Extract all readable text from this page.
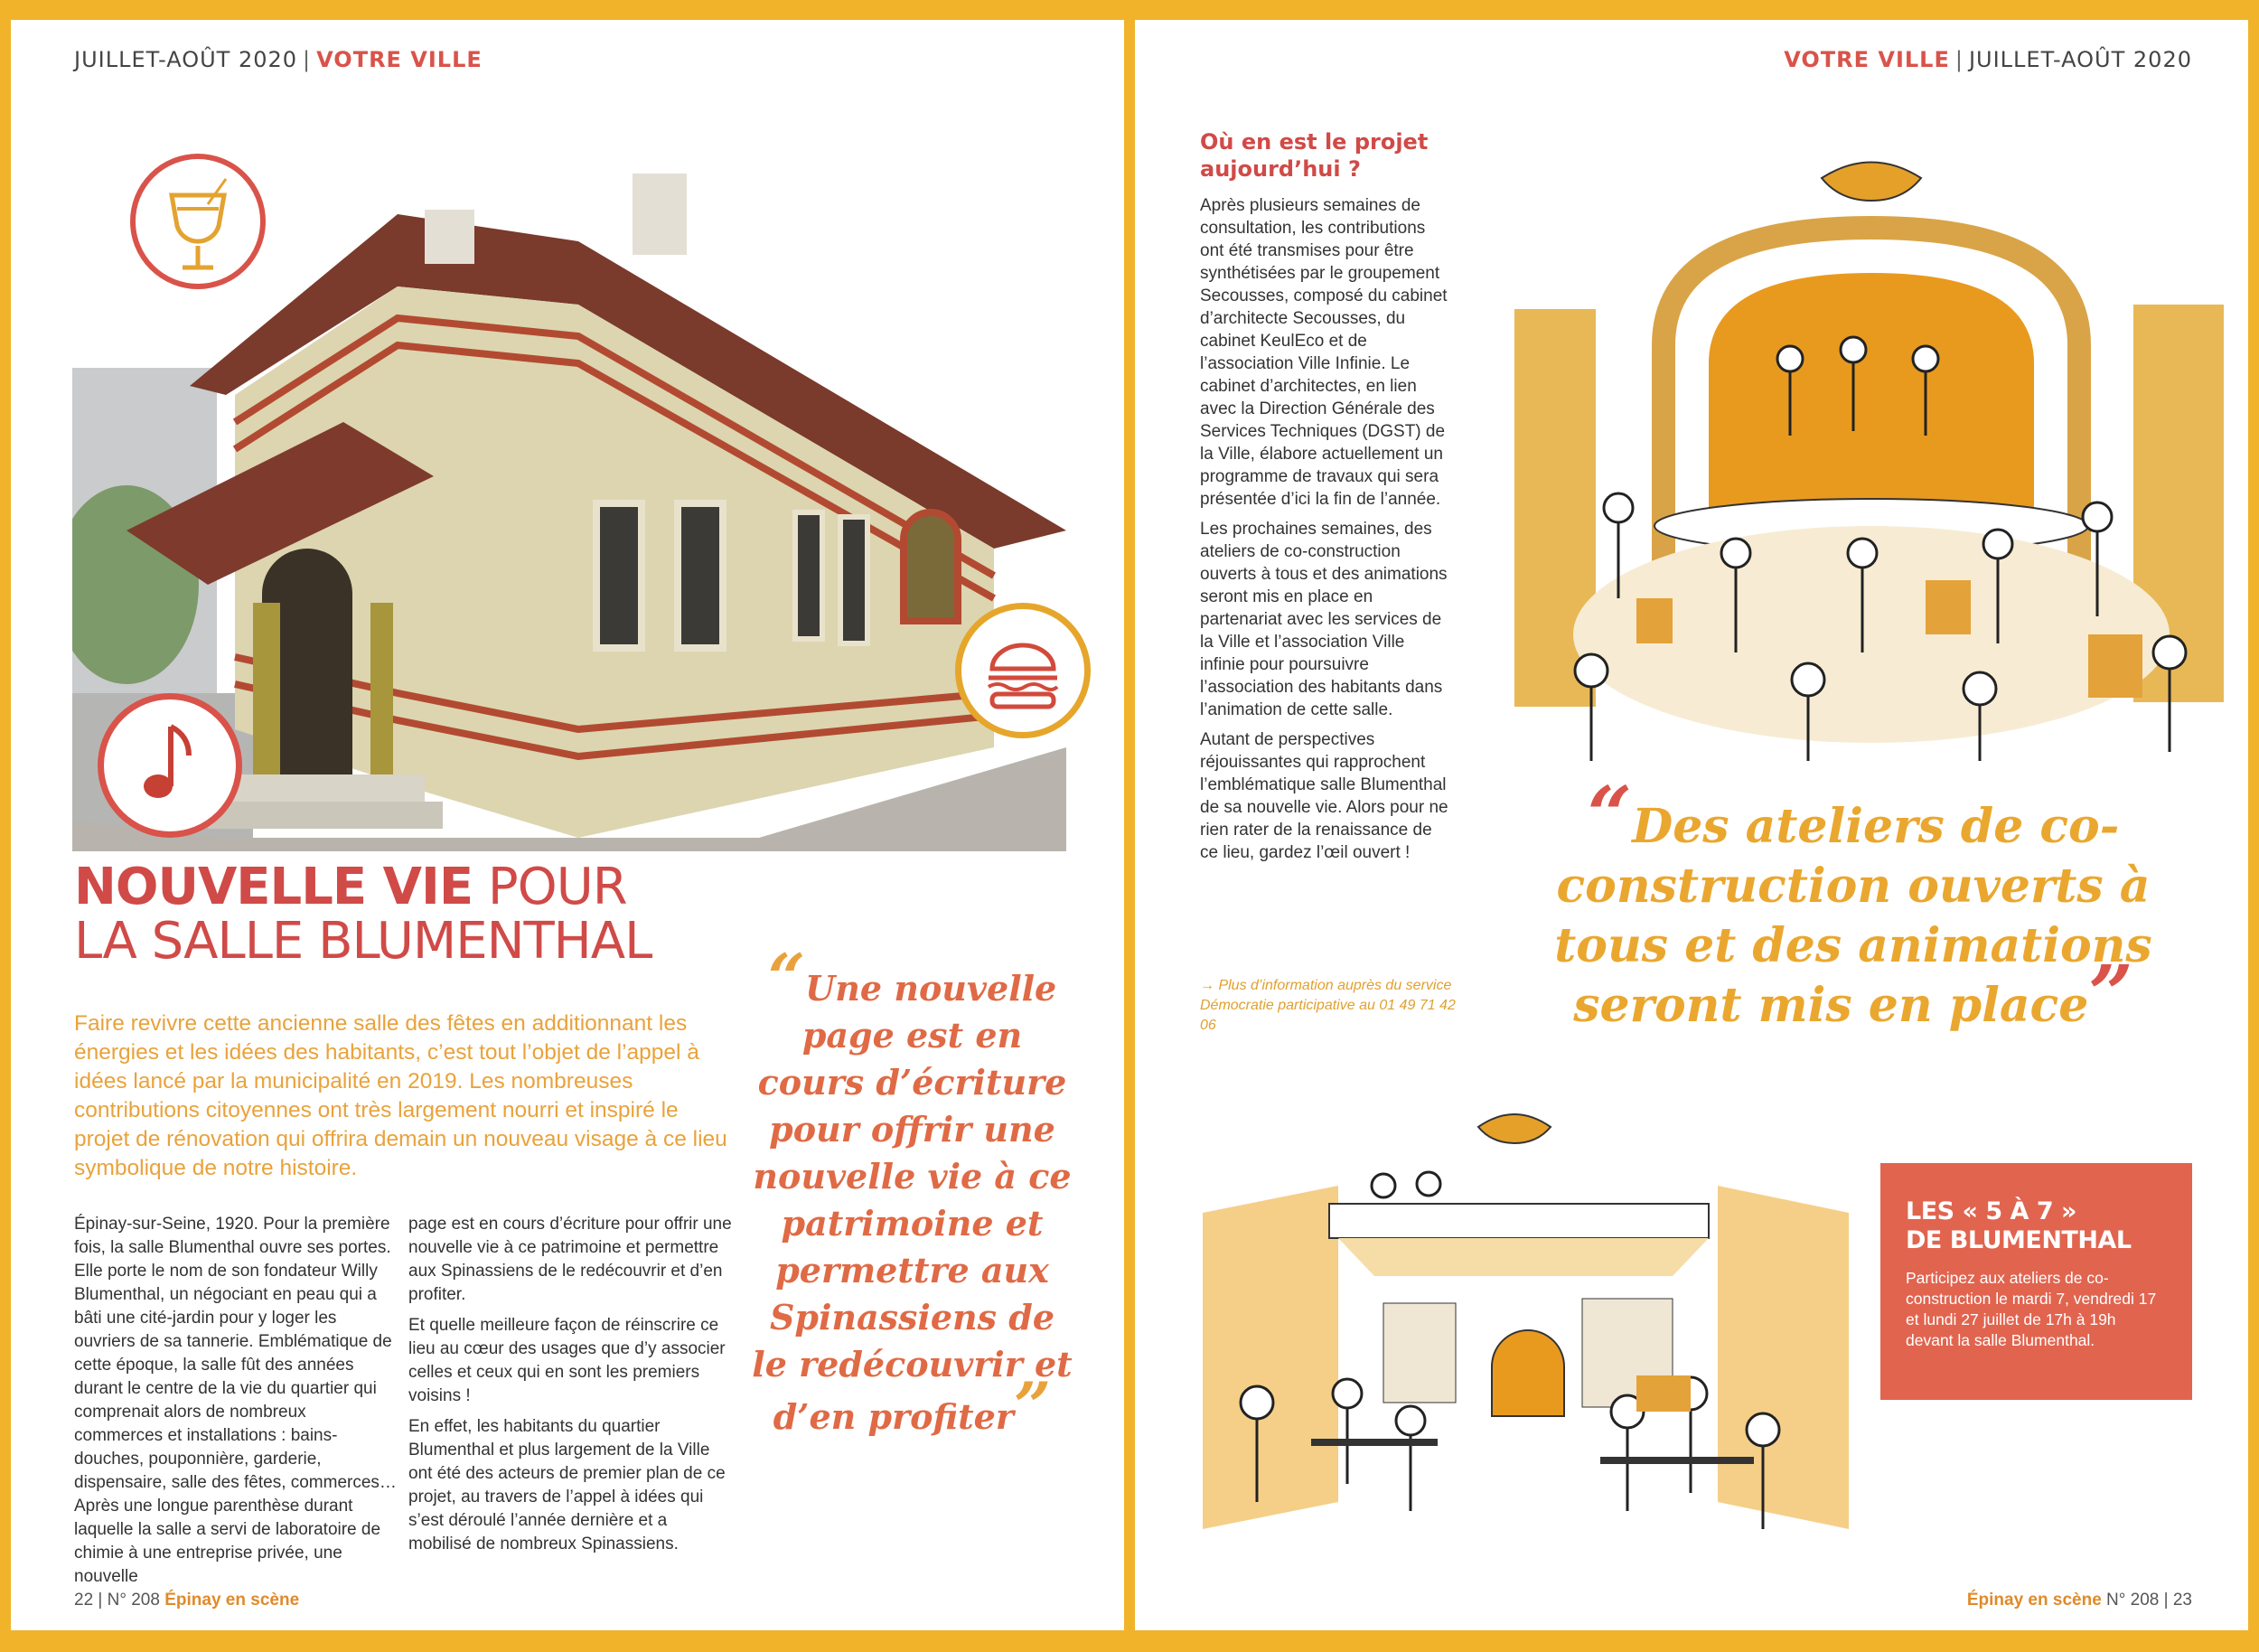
JUILLET-AOÛT 2020 | VOTRE VILLE
NOUVELLE VIE POUR
LA SALLE BLUMENTHAL
Faire revivre cette ancienne salle des fêtes en additionnant les énergies et les idées des habitants, c’est tout l’objet de l’appel à idées lancé par la municipalité en 2019. Les nombreuses contributions citoyennes ont très largement nourri et inspiré le projet de rénovation qui offrira demain un nouveau visage à ce lieu symbolique de notre histoire.

Épinay-sur-Seine, 1920. Pour la première fois, la salle Blumenthal ouvre ses portes. Elle porte le nom de son fondateur Willy Blumenthal, un négociant en peau qui a bâti une cité-jardin pour y loger les ouvriers de sa tannerie. Emblématique de cette époque, la salle fût des années durant le centre de la vie du quartier qui comprenait alors de nombreux commerces et installations : bains-douches, pouponnière, garderie, dispensaire, salle des fêtes, commerces… Après une longue parenthèse durant laquelle la salle a servi de laboratoire de chimie à une entreprise privée, une nouvelle

page est en cours d’écriture pour offrir une nouvelle vie à ce patrimoine et permettre aux Spinassiens de le redécouvrir et d’en profiter.

Et quelle meilleure façon de réinscrire ce lieu au cœur des usages que d’y associer celles et ceux qui en sont les premiers voisins !

En effet, les habitants du quartier Blumenthal et plus largement de la Ville ont été des acteurs de premier plan de ce projet, au travers de l’appel à idées qui s’est déroulé l’année dernière et a mobilisé de nombreux Spinassiens.

“Une nouvelle page est en cours d’écriture pour offrir une nouvelle vie à ce patrimoine et permettre aux Spinassiens de le redécouvrir et d’en profiter”
22 | N° 208 Épinay en scène
VOTRE VILLE | JUILLET-AOÛT 2020
Où en est le projet aujourd’hui ?

Après plusieurs semaines de consultation, les contributions ont été transmises pour être synthétisées par le groupement Secousses, composé du cabinet d’architecte Secousses, du cabinet KeulEco et de l’association Ville Infinie. Le cabinet d’architectes, en lien avec la Direction Générale des Services Techniques (DGST) de la Ville, élabore actuellement un programme de travaux qui sera présentée d’ici la fin de l’année.

Les prochaines semaines, des ateliers de co-construction ouverts à tous et des animations seront mis en place en partenariat avec les services de la Ville et l’association Ville infinie pour poursuivre l’association des habitants dans l’animation de cette salle.

Autant de perspectives réjouissantes qui rapprochent l’emblématique salle Blumenthal de sa nouvelle vie. Alors pour ne rien rater de la renaissance de ce lieu, gardez l’œil ouvert !

→ Plus d’information auprès du service Démocratie participative au 01 49 71 42 06
“Des ateliers de co-construction ouverts à tous et des animations seront mis en place”
LES « 5 À 7 »
DE BLUMENTHAL
Participez aux ateliers de co-construction le mardi 7, vendredi 17 et lundi 27 juillet de 17h à 19h devant la salle Blumenthal.
Épinay en scène N° 208 | 23
